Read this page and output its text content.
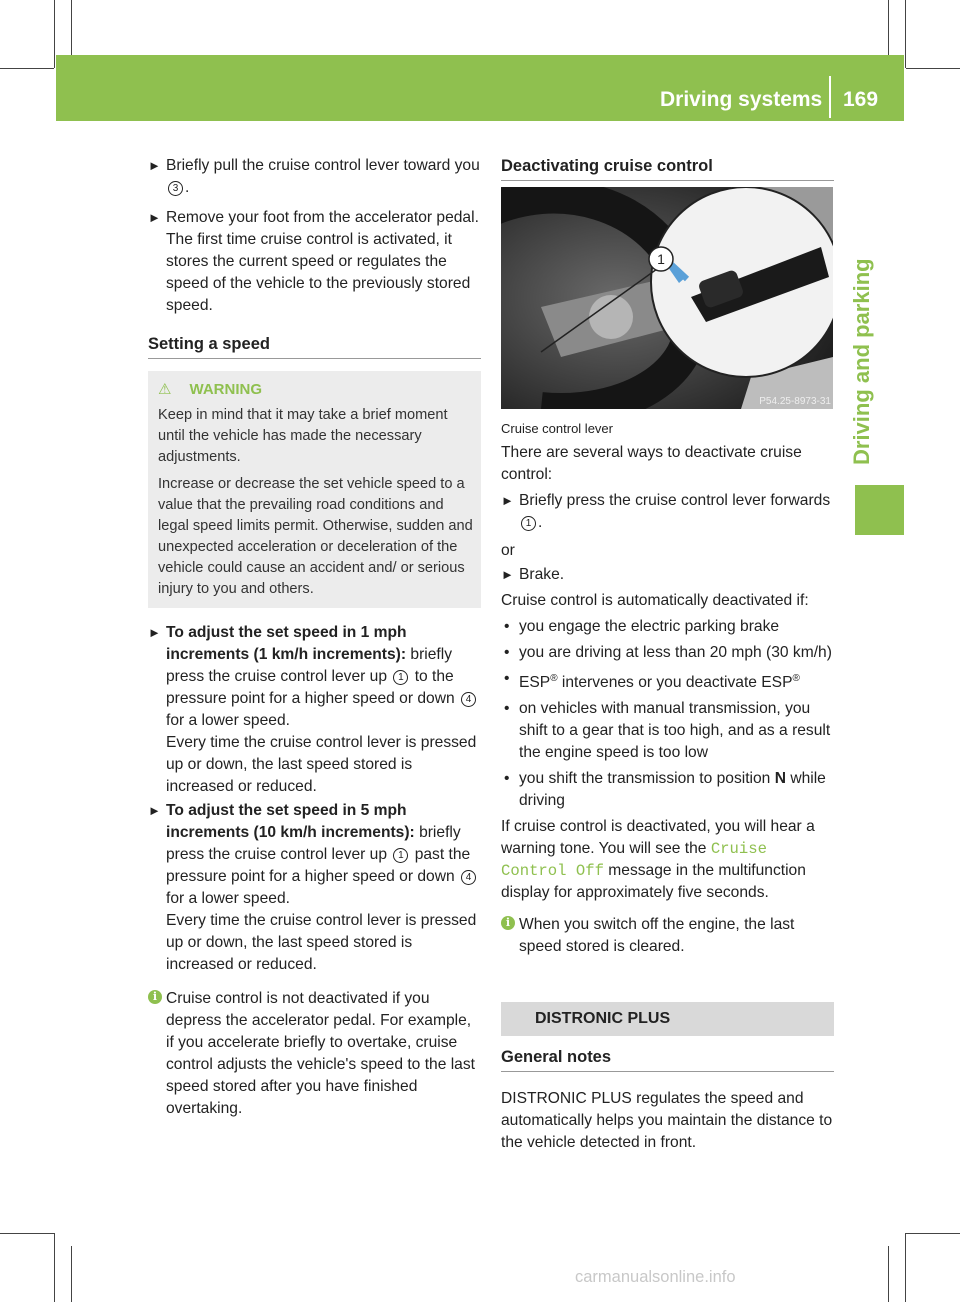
Driving systems 169
Driving and parking
► Briefly pull the cruise control lever toward you 3 .
► Remove your foot from the accelerator pedal.

The first time cruise control is activated, it stores the current speed or regulates the speed of the vehicle to the previously stored speed.

Setting a speed
⚠ WARNING

Keep in mind that it may take a brief moment until the vehicle has made the necessary adjustments.

Increase or decrease the set vehicle speed to a value that the prevailing road conditions and legal speed limits permit. Otherwise, sudden and unexpected acceleration or deceleration of the vehicle could cause an accident and/ or serious injury to you and others.

► To adjust the set speed in 1 mph increments (1 km/h increments): briefly press the cruise control lever up 1 to the pressure point for a higher speed or down 4 for a lower speed.

Every time the cruise control lever is pressed up or down, the last speed stored is increased or reduced.

► To adjust the set speed in 5 mph increments (10 km/h increments): briefly press the cruise control lever up 1 past the pressure point for a higher speed or down 4 for a lower speed.

Every time the cruise control lever is pressed up or down, the last speed stored is increased or reduced.

i Cruise control is not deactivated if you depress the accelerator pedal. For example, if you accelerate briefly to overtake, cruise control adjusts the vehicle's speed to the last speed stored after you have finished overtaking.
Deactivating cruise control
1
P54.25-8973-31

Cruise control lever

There are several ways to deactivate cruise control:

► Briefly press the cruise control lever forwards 1 .

or

► Brake.

Cruise control is automatically deactivated if:

• you engage the electric parking brake
• you are driving at less than 20 mph (30 km/h)
• ESP® intervenes or you deactivate ESP®
• on vehicles with manual transmission, you shift to a gear that is too high, and as a result the engine speed is too low
• you shift the transmission to position N while driving

If cruise control is deactivated, you will hear a warning tone. You will see the Cruise Control Off message in the multifunction display for approximately five seconds.

i When you switch off the engine, the last speed stored is cleared.
DISTRONIC PLUS
General notes

DISTRONIC PLUS regulates the speed and automatically helps you maintain the distance to the vehicle detected in front.

carmanualsonline.info
